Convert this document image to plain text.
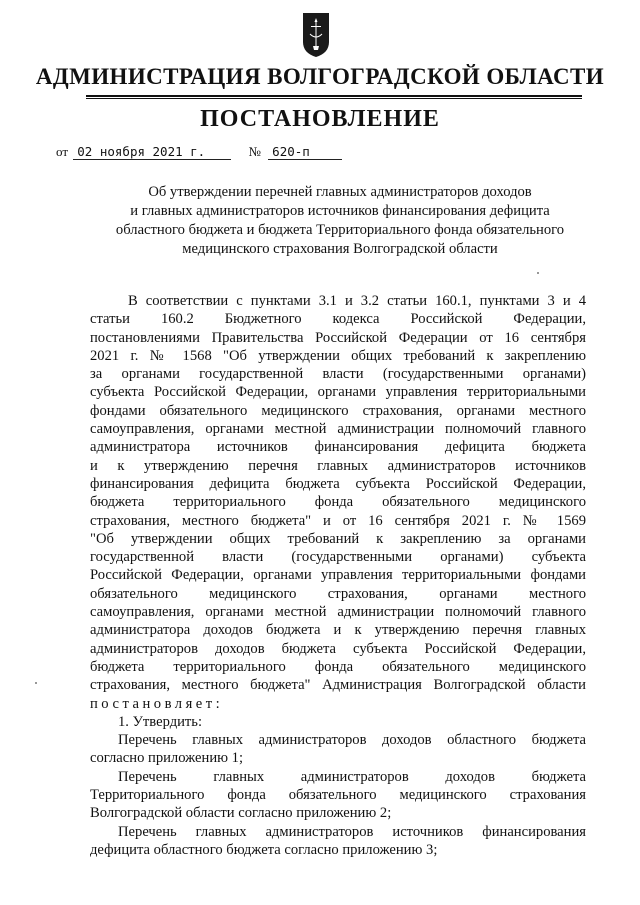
АДМИНИСТРАЦИЯ ВОЛГОГРАДСКОЙ ОБЛАСТИ
ПОСТАНОВЛЕНИЕ
от 02 ноября 2021 г.	№ 620-п
Об утверждении перечней главных администраторов доходов
и главных администраторов источников финансирования дефицита
областного бюджета и бюджета Территориального фонда обязательного
медицинского страхования Волгоградской области
В соответствии с пунктами 3.1 и 3.2 статьи 160.1, пунктами 3 и 4
статьи 160.2 Бюджетного кодекса Российской Федерации,
постановлениями Правительства Российской Федерации от 16 сентября
2021 г. № 1568 "Об утверждении общих требований к закреплению
за органами государственной власти (государственными органами)
субъекта Российской Федерации, органами управления территориальными
фондами обязательного медицинского страхования, органами местного
самоуправления, органами местной администрации полномочий главного
администратора источников финансирования дефицита бюджета
и к утверждению перечня главных администраторов источников
финансирования дефицита бюджета субъекта Российской Федерации,
бюджета территориального фонда обязательного медицинского
страхования, местного бюджета" и от 16 сентября 2021 г. № 1569
"Об утверждении общих требований к закреплению за органами
государственной власти (государственными органами) субъекта
Российской Федерации, органами управления территориальными фондами
обязательного медицинского страхования, органами местного
самоуправления, органами местной администрации полномочий главного
администратора доходов бюджета и к утверждению перечня главных
администраторов доходов бюджета субъекта Российской Федерации,
бюджета территориального фонда обязательного медицинского
страхования, местного бюджета" Администрация Волгоградской области
постановляет:
1. Утвердить:
Перечень главных администраторов доходов областного бюджета
согласно приложению 1;
Перечень главных администраторов доходов бюджета
Территориального фонда обязательного медицинского страхования
Волгоградской области согласно приложению 2;
Перечень главных администраторов источников финансирования
дефицита областного бюджета согласно приложению 3;
